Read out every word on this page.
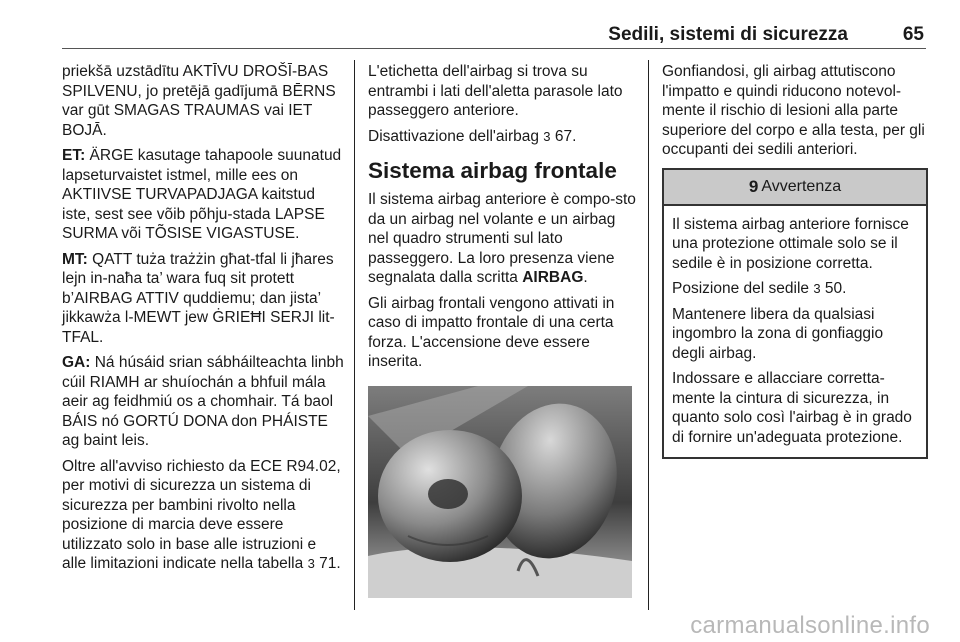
Sedili, sistemi di sicurezza	65

priekšā uzstādītu AKTĪVU DROŠĪ-BAS SPILVENU, jo pretējā gadījumā BĒRNS var gūt SMAGAS TRAUMAS vai IET BOJĀ.

ET: ÄRGE kasutage tahapoole suunatud lapseturvaistet istmel, mille ees on AKTIIVSE TURVAPADJAGA kaitstud iste, sest see võib põhju-stada LAPSE SURMA või TÕSISE VIGASTUSE.

MT: QATT tuża trażżin għat-tfal li jħares lejn in-naħa ta’ wara fuq sit protett b’AIRBAG ATTIV quddiemu; dan jista’ jikkawża l-MEWT jew ĠRIEĦI SERJI lit-TFAL.

GA: Ná húsáid srian sábháilteachta linbh cúil RIAMH ar shuíochán a bhfuil mála aeir ag feidhmiú os a chomhair. Tá baol BÁIS nó GORTÚ DONA don PHÁISTE ag baint leis.

Oltre all'avviso richiesto da ECE R94.02, per motivi di sicurezza un sistema di sicurezza per bambini rivolto nella posizione di marcia deve essere utilizzato solo in base alle istruzioni e alle limitazioni indicate nella tabella 3 71.

L'etichetta dell'airbag si trova su entrambi i lati dell'aletta parasole lato passeggero anteriore.

Disattivazione dell'airbag 3 67.

Sistema airbag frontale

Il sistema airbag anteriore è compo-sto da un airbag nel volante e un airbag nel quadro strumenti sul lato passeggero. La loro presenza viene segnalata dalla scritta AIRBAG.

Gli airbag frontali vengono attivati in caso di impatto frontale di una certa forza. L'accensione deve essere inserita.

Gonfiandosi, gli airbag attutiscono l'impatto e quindi riducono notevol-mente il rischio di lesioni alla parte superiore del corpo e alla testa, per gli occupanti dei sedili anteriori.

9 Avvertenza

Il sistema airbag anteriore fornisce una protezione ottimale solo se il sedile è in posizione corretta.

Posizione del sedile 3 50.

Mantenere libera da qualsiasi ingombro la zona di gonfiaggio degli airbag.

Indossare e allacciare corretta-mente la cintura di sicurezza, in quanto solo così l'airbag è in grado di fornire un'adeguata protezione.

carmanualsonline.info
